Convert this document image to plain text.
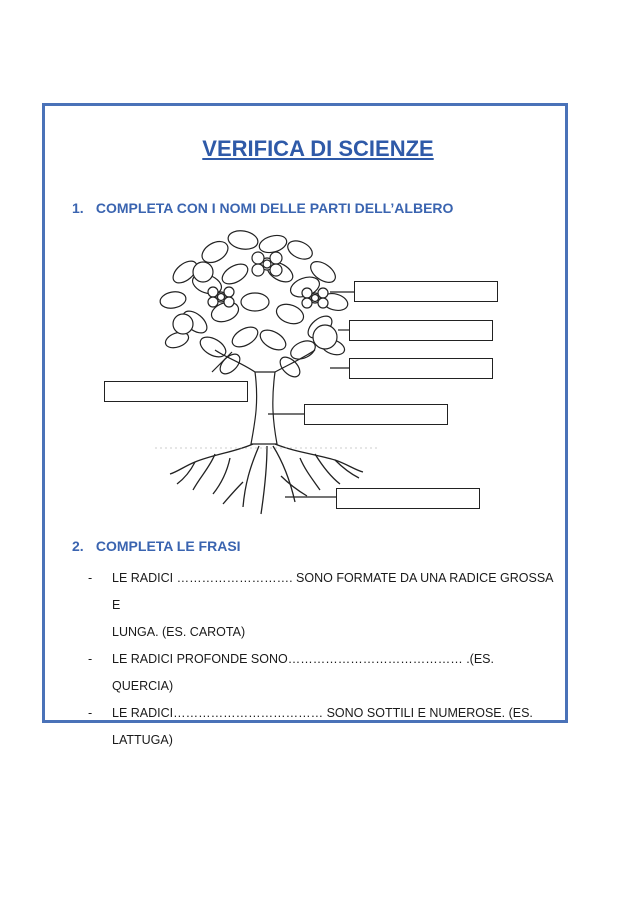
VERIFICA DI SCIENZE

1. COMPLETA CON I NOMI DELLE PARTI DELL’ALBERO

2. COMPLETA LE FRASI

- LE RADICI ………………………. SONO FORMATE DA UNA RADICE GROSSA E
LUNGA. (ES. CAROTA)
- LE RADICI PROFONDE SONO…………………………………… .(ES. QUERCIA)
- LE RADICI……………………………… SONO SOTTILI E NUMEROSE. (ES.
LATTUGA)
